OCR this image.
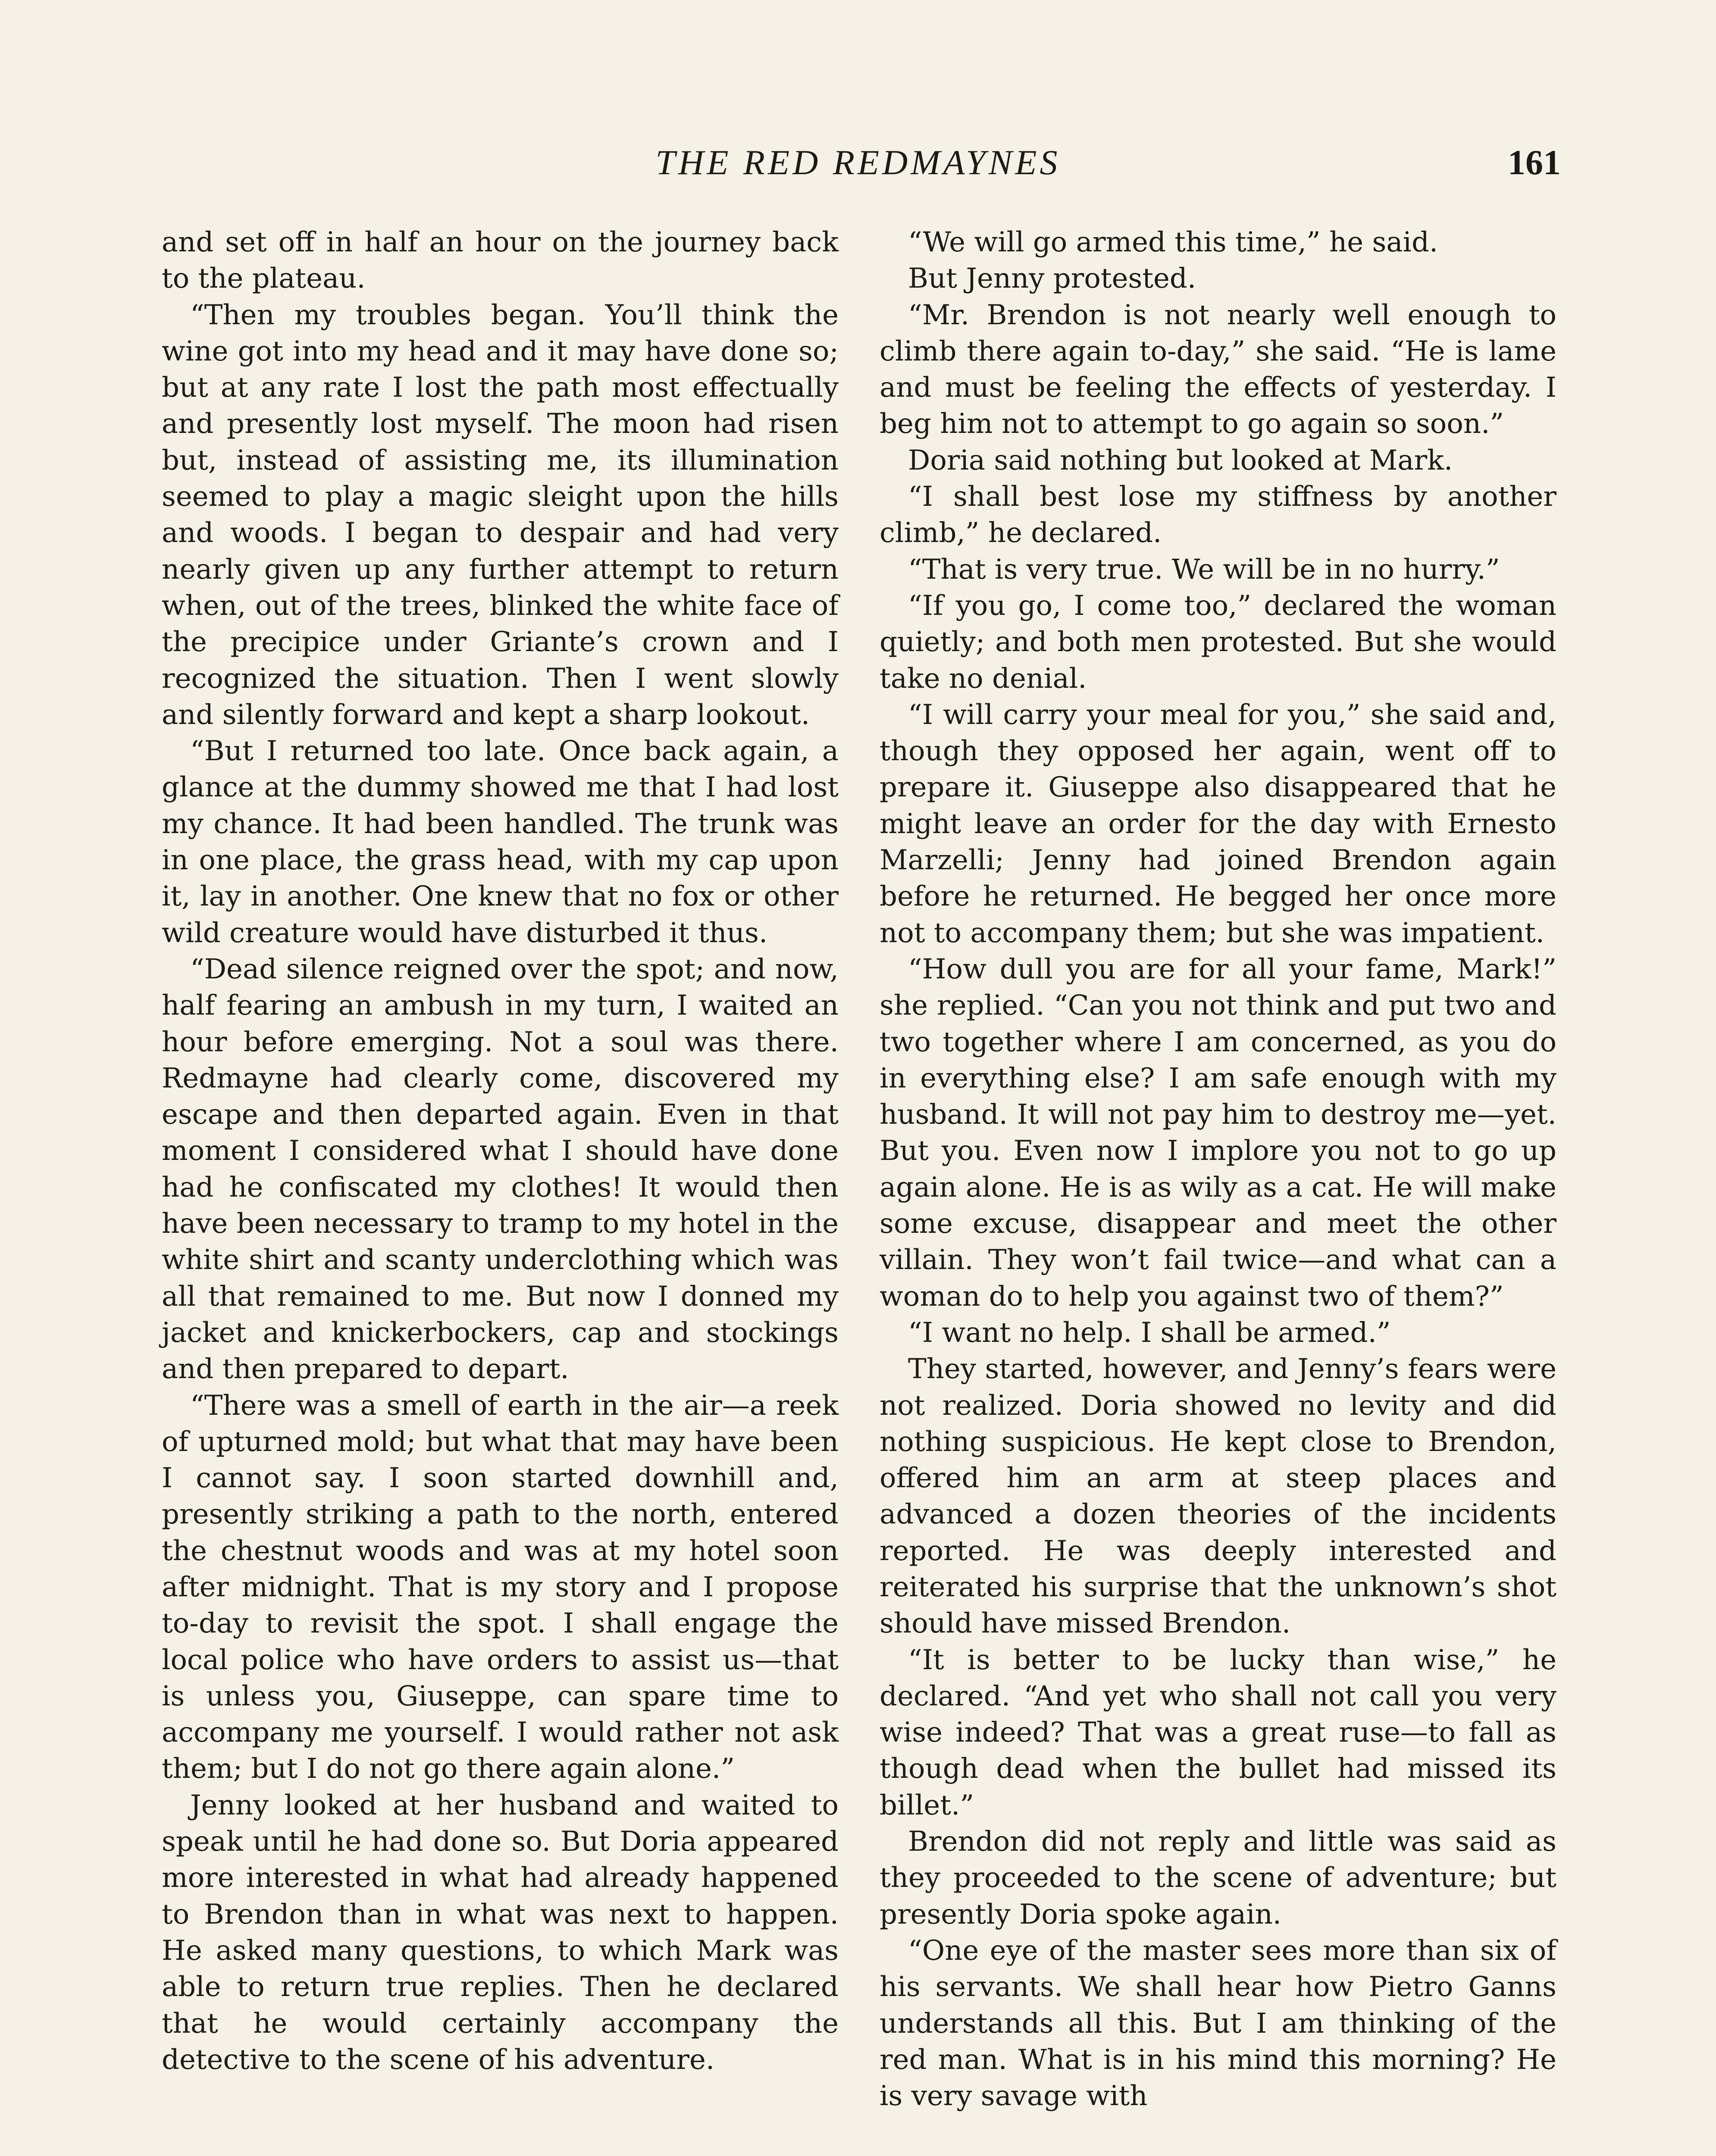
THE RED REDMAYNES	161

and set off in half an hour on the journey back to the plateau.

“Then my troubles began. You’ll think the wine got into my head and it may have done so; but at any rate I lost the path most effectually and presently lost myself. The moon had risen but, instead of assisting me, its illumination seemed to play a magic sleight upon the hills and woods. I began to despair and had very nearly given up any further attempt to return when, out of the trees, blinked the white face of the precipice under Griante’s crown and I recognized the situation. Then I went slowly and silently forward and kept a sharp lookout.

“But I returned too late. Once back again, a glance at the dummy showed me that I had lost my chance. It had been handled. The trunk was in one place, the grass head, with my cap upon it, lay in another. One knew that no fox or other wild creature would have disturbed it thus.

“Dead silence reigned over the spot; and now, half fearing an ambush in my turn, I waited an hour before emerging. Not a soul was there. Redmayne had clearly come, discovered my escape and then departed again. Even in that moment I considered what I should have done had he confiscated my clothes! It would then have been necessary to tramp to my hotel in the white shirt and scanty underclothing which was all that remained to me. But now I donned my jacket and knickerbockers, cap and stockings and then prepared to depart.

“There was a smell of earth in the air—a reek of upturned mold; but what that may have been I cannot say. I soon started downhill and, presently striking a path to the north, entered the chestnut woods and was at my hotel soon after midnight. That is my story and I propose to-day to revisit the spot. I shall engage the local police who have orders to assist us—that is unless you, Giuseppe, can spare time to accompany me yourself. I would rather not ask them; but I do not go there again alone.”

Jenny looked at her husband and waited to speak until he had done so. But Doria appeared more interested in what had already happened to Brendon than in what was next to happen. He asked many questions, to which Mark was able to return true replies. Then he declared that he would certainly accompany the detective to the scene of his adventure.

“We will go armed this time,” he said.

But Jenny protested.

“Mr. Brendon is not nearly well enough to climb there again to-day,” she said. “He is lame and must be feeling the effects of yesterday. I beg him not to attempt to go again so soon.”

Doria said nothing but looked at Mark.

“I shall best lose my stiffness by another climb,” he declared.

“That is very true. We will be in no hurry.”

“If you go, I come too,” declared the woman quietly; and both men protested. But she would take no denial.

“I will carry your meal for you,” she said and, though they opposed her again, went off to prepare it. Giuseppe also disappeared that he might leave an order for the day with Ernesto Marzelli; Jenny had joined Brendon again before he returned. He begged her once more not to accompany them; but she was impatient.

“How dull you are for all your fame, Mark!” she replied. “Can you not think and put two and two together where I am concerned, as you do in everything else? I am safe enough with my husband. It will not pay him to destroy me—yet. But you. Even now I implore you not to go up again alone. He is as wily as a cat. He will make some excuse, disappear and meet the other villain. They won’t fail twice—and what can a woman do to help you against two of them?”

“I want no help. I shall be armed.”

They started, however, and Jenny’s fears were not realized. Doria showed no levity and did nothing suspicious. He kept close to Brendon, offered him an arm at steep places and advanced a dozen theories of the incidents reported. He was deeply interested and reiterated his surprise that the unknown’s shot should have missed Brendon.

“It is better to be lucky than wise,” he declared. “And yet who shall not call you very wise indeed? That was a great ruse—to fall as though dead when the bullet had missed its billet.”

Brendon did not reply and little was said as they proceeded to the scene of adventure; but presently Doria spoke again.

“One eye of the master sees more than six of his servants. We shall hear how Pietro Ganns understands all this. But I am thinking of the red man. What is in his mind this morning? He is very savage with
